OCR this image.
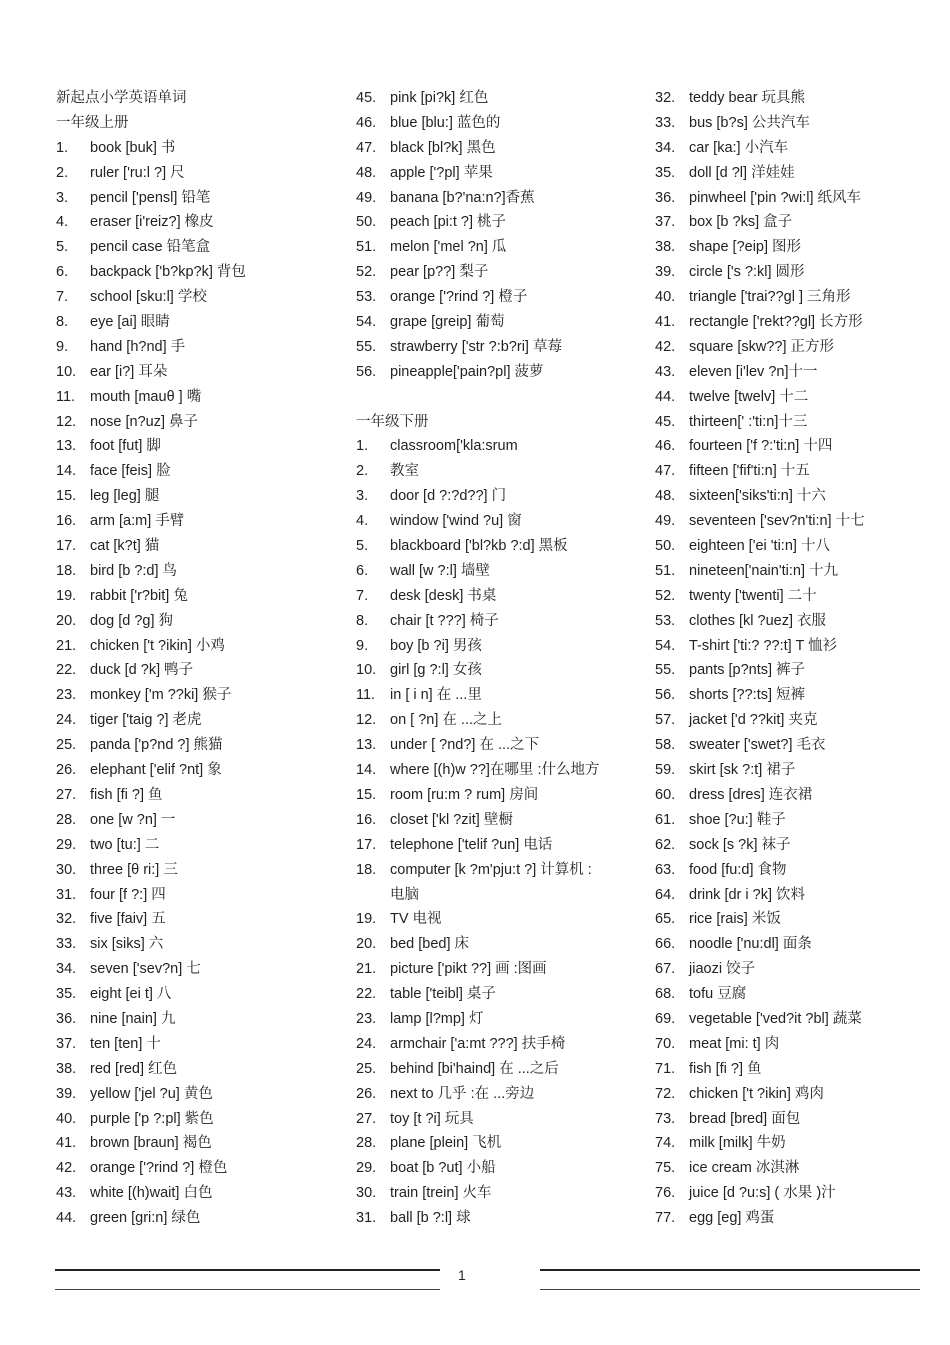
新起点小学英语单词
一年级上册
1. book [buk] 书
2. ruler ['ru:l ?] 尺
3. pencil ['pensl] 铅笔
4. eraser [i'reiz?] 橡皮
5. pencil case 铅笔盒
6. backpack ['b?kp?k] 背包
7. school [sku:l] 学校
8. eye [ai] 眼睛
9. hand [h?nd] 手
10. ear [i?] 耳朵
11. mouth [mauθ ] 嘴
12. nose [n?uz] 鼻子
13. foot [fut] 脚
14. face [feis] 脸
15. leg [leg] 腿
16. arm [a:m] 手臂
17. cat [k?t] 猫
18. bird [b ?:d] 鸟
19. rabbit ['r?bit] 兔
20. dog [d ?g] 狗
21. chicken ['t ?ikin] 小鸡
22. duck [d ?k] 鸭子
23. monkey ['m ??ki] 猴子
24. tiger ['taig ?] 老虎
25. panda ['p?nd ?] 熊猫
26. elephant ['elif ?nt] 象
27. fish [fi ?] 鱼
28. one [w ?n] 一
29. two [tu:] 二
30. three [θ ri:] 三
31. four [f ?:] 四
32. five [faiv] 五
33. six [siks] 六
34. seven ['sev?n] 七
35. eight [ei t] 八
36. nine [nain] 九
37. ten [ten] 十
38. red [red] 红色
39. yellow ['jel ?u] 黄色
40. purple ['p ?:pl] 紫色
41. brown [braun] 褐色
42. orange ['?rind ?] 橙色
43. white [(h)wait] 白色
44. green [gri:n] 绿色
45. pink [pi?k] 红色
46. blue [blu:] 蓝色的
47. black [bl?k] 黑色
48. apple ['?pl] 苹果
49. banana [b?'na:n?]香蕉
50. peach [pi:t ?] 桃子
51. melon ['mel ?n] 瓜
52. pear [p??] 梨子
53. orange ['?rind ?] 橙子
54. grape [greip] 葡萄
55. strawberry ['str ?:b?ri] 草莓
56. pineapple['pain?pl] 菠萝
一年级下册
1. classroom['kla:srum
2. 教室
3. door [d ?:?d??] 门
4. window ['wind ?u] 窗
5. blackboard ['bl?kb ?:d] 黑板
6. wall [w ?:l] 墙壁
7. desk [desk] 书桌
8. chair [t ???] 椅子
9. boy [b ?i] 男孩
10. girl [g ?:l] 女孩
11. in [ i n] 在 ...里
12. on [ ?n] 在 ...之上
13. under [ ?nd?] 在 ...之下
14. where [(h)w ??]在哪里 :什么地方
15. room [ru:m ? rum] 房间
16. closet ['kl ?zit] 壁橱
17. telephone ['telif ?un] 电话
18. computer [k ?m'pju:t ?] 计算机 :
电脑
19. TV 电视
20. bed [bed] 床
21. picture ['pikt ??] 画 :图画
22. table ['teibl] 桌子
23. lamp [l?mp] 灯
24. armchair ['a:mt ???] 扶手椅
25. behind [bi'haind] 在 ...之后
26. next to 几乎 :在 ...旁边
27. toy [t ?i] 玩具
28. plane [plein] 飞机
29. boat [b ?ut] 小船
30. train [trein] 火车
31. ball [b ?:l] 球
32. teddy bear 玩具熊
33. bus [b?s] 公共汽车
34. car [ka:] 小汽车
35. doll [d ?l] 洋娃娃
36. pinwheel ['pin ?wi:l] 纸风车
37. box [b ?ks] 盒子
38. shape [?eip] 图形
39. circle ['s ?:kl] 圆形
40. triangle ['trai??gl ] 三角形
41. rectangle ['rekt??gl] 长方形
42. square [skw??] 正方形
43. eleven [i'lev ?n]十一
44. twelve [twelv] 十二
45. thirteen[' :'ti:n]十三
46. fourteen ['f ?:'ti:n] 十四
47. fifteen ['fif'ti:n] 十五
48. sixteen['siks'ti:n] 十六
49. seventeen ['sev?n'ti:n] 十七
50. eighteen ['ei 'ti:n] 十八
51. nineteen['nain'ti:n] 十九
52. twenty ['twenti] 二十
53. clothes [kl ?uez] 衣服
54. T-shirt ['ti:? ??:t] T 恤衫
55. pants [p?nts] 裤子
56. shorts [??:ts] 短裤
57. jacket ['d ??kit] 夹克
58. sweater ['swet?] 毛衣
59. skirt [sk ?:t] 裙子
60. dress [dres] 连衣裙
61. shoe [?u:] 鞋子
62. sock [s ?k] 袜子
63. food [fu:d] 食物
64. drink [dr i ?k] 饮料
65. rice [rais] 米饭
66. noodle ['nu:dl] 面条
67. jiaozi 饺子
68. tofu 豆腐
69. vegetable ['ved?it ?bl] 蔬菜
70. meat [mi: t] 肉
71. fish [fi ?] 鱼
72. chicken ['t ?ikin] 鸡肉
73. bread [bred] 面包
74. milk [milk] 牛奶
75. ice cream 冰淇淋
76. juice [d ?u:s] ( 水果 )汁
77. egg [eg] 鸡蛋
1
